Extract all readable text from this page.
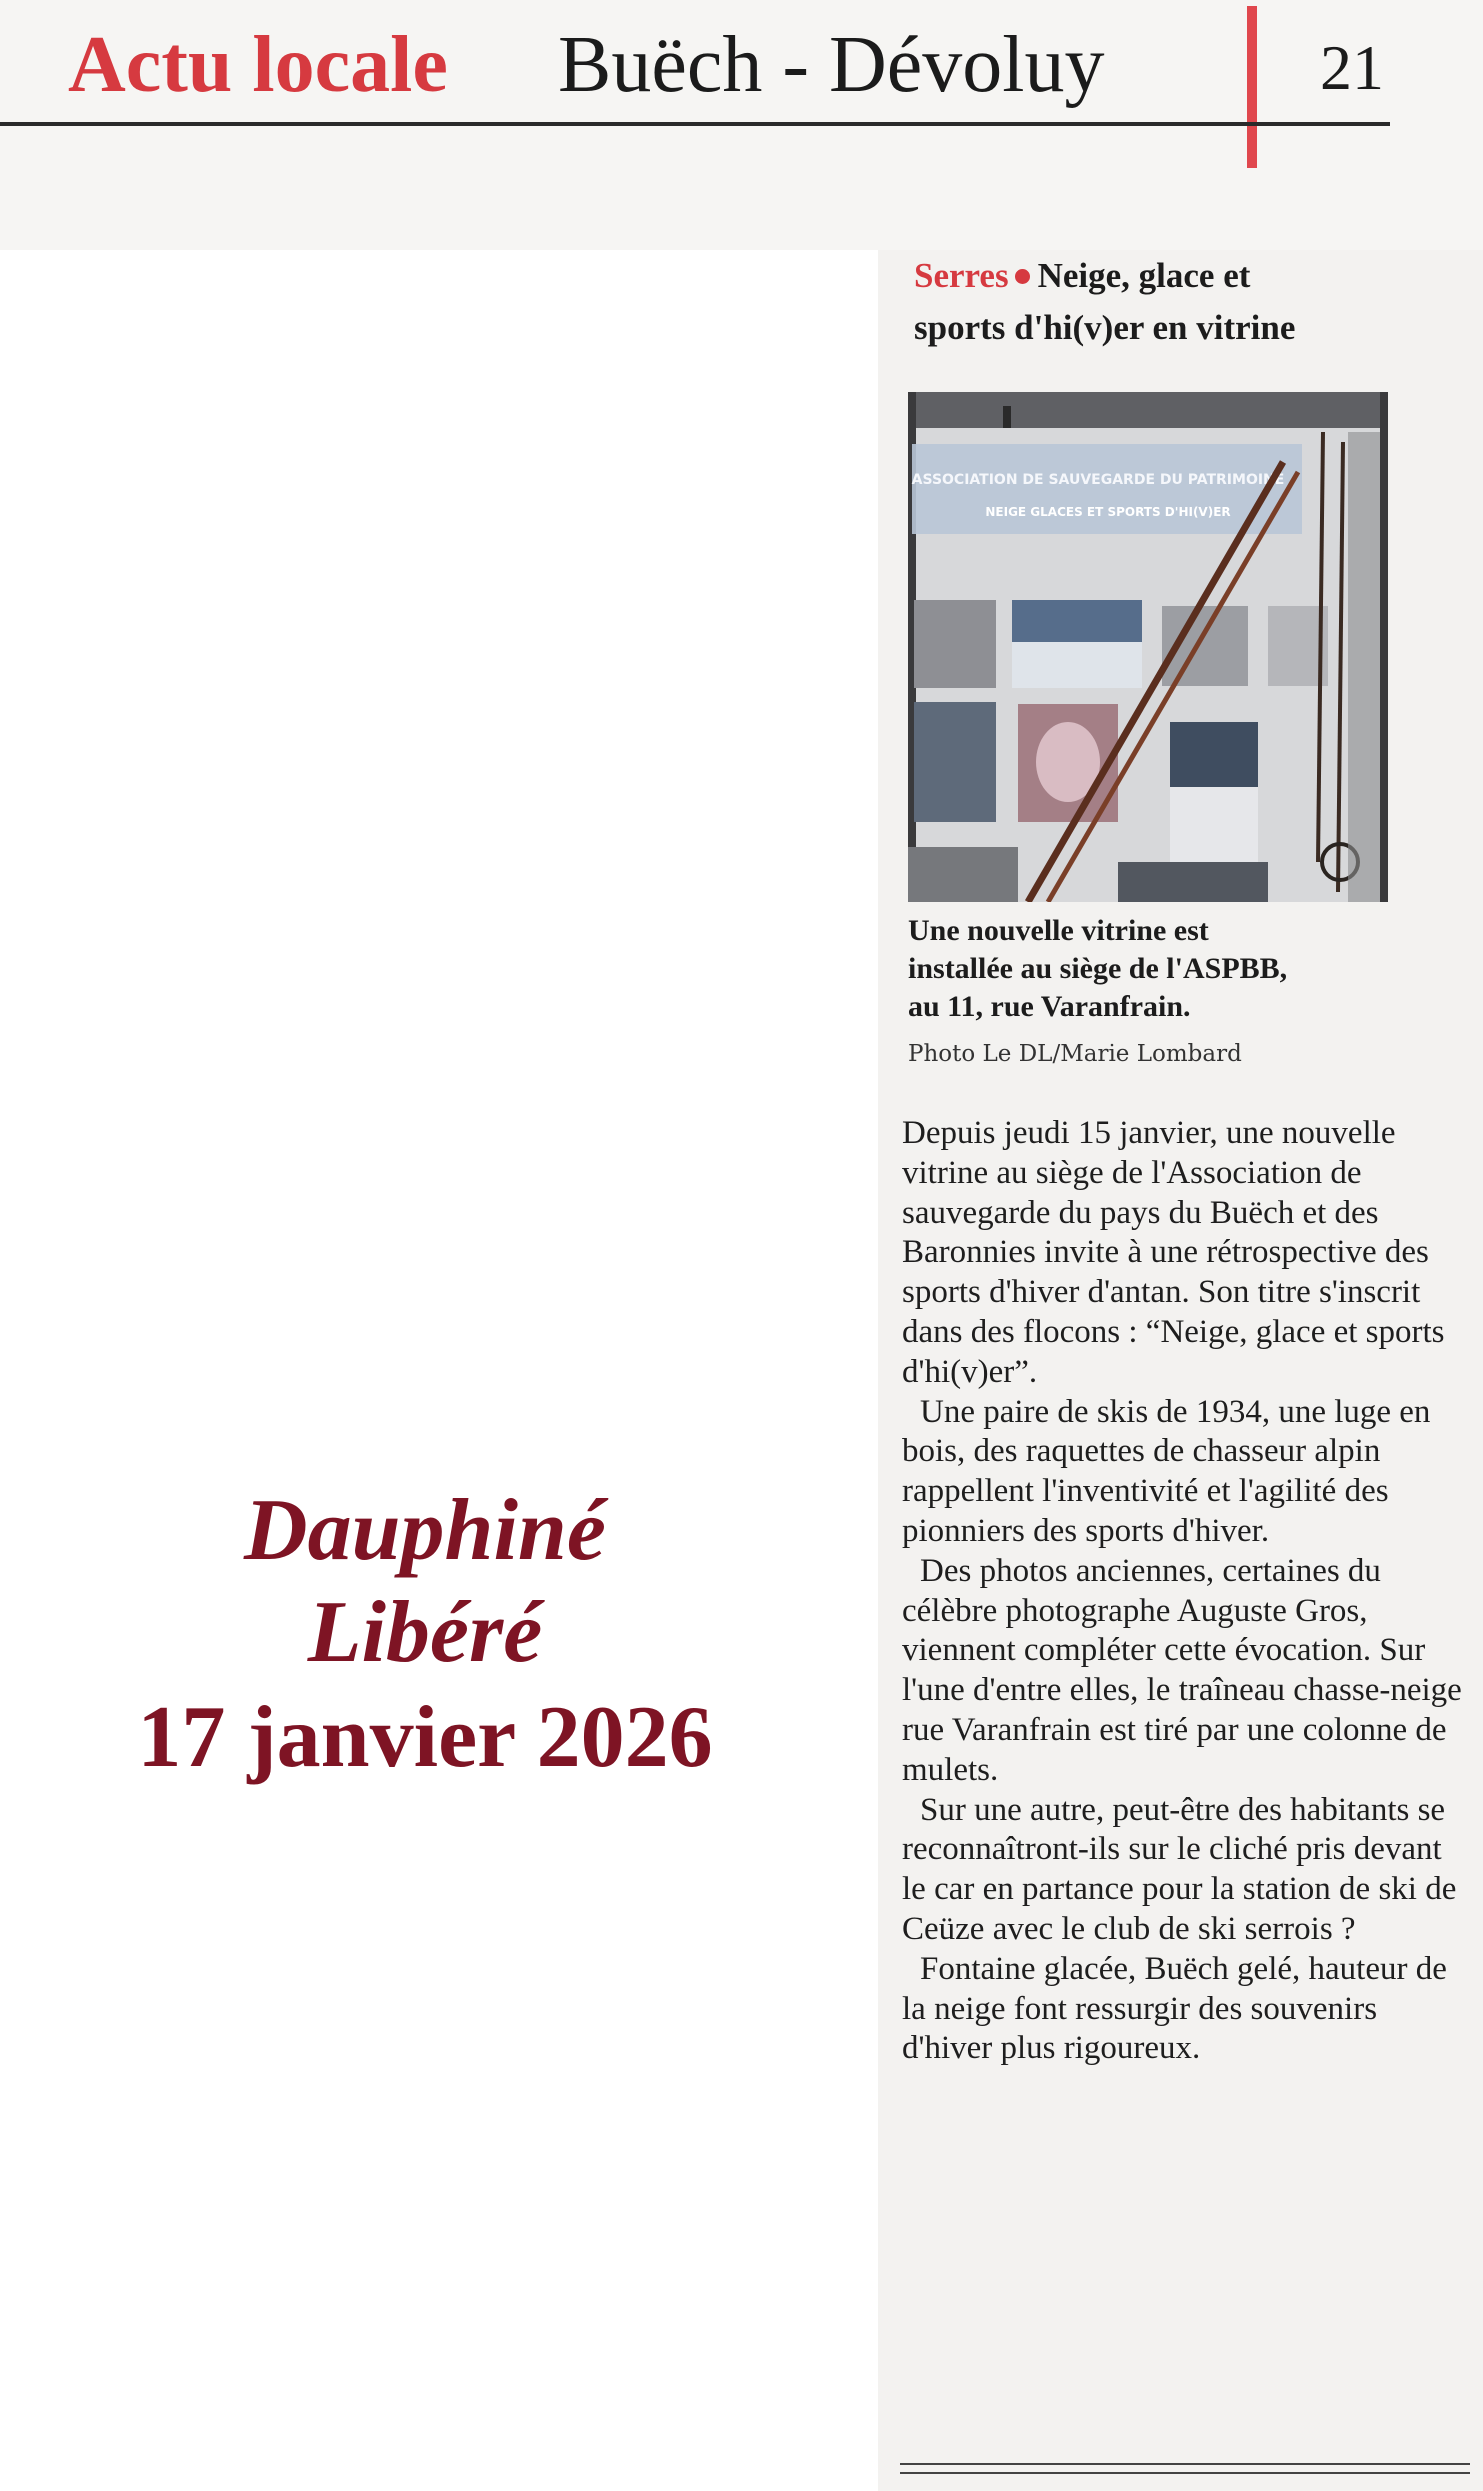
Actu locale Buëch - Dévoluy	21
Serres Neige, glace et
sports d'hi(v)er en vitrine
ASSOCIATION DE SAUVEGARDE DU PATRIMOINE
NEIGE GLACES ET SPORTS D'HI(V)ER
Une nouvelle vitrine est
installée au siège de l'ASPBB,
au 11, rue Varanfrain.
Photo Le DL/Marie Lombard

Depuis jeudi 15 janvier, une nouvelle vitrine au siège de l'Association de sauvegarde du pays du Buëch et des Baronnies invite à une rétrospective des sports d'hiver d'antan. Son titre s'inscrit dans des flocons : “Neige, glace et sports d'hi(v)er”.

Une paire de skis de 1934, une luge en bois, des raquettes de chasseur alpin rappellent l'inventivité et l'agilité des pionniers des sports d'hiver.

Des photos anciennes, certaines du célèbre photographe Auguste Gros, viennent compléter cette évocation. Sur l'une d'entre elles, le traîneau chasse-neige rue Varanfrain est tiré par une colonne de mulets.

Sur une autre, peut-être des habitants se reconnaîtront-ils sur le cliché pris devant le car en partance pour la station de ski de Ceüze avec le club de ski serrois ?

Fontaine glacée, Buëch gelé, hauteur de la neige font ressurgir des souvenirs d'hiver plus rigoureux.

Dauphiné
Libéré
17 janvier 2026
